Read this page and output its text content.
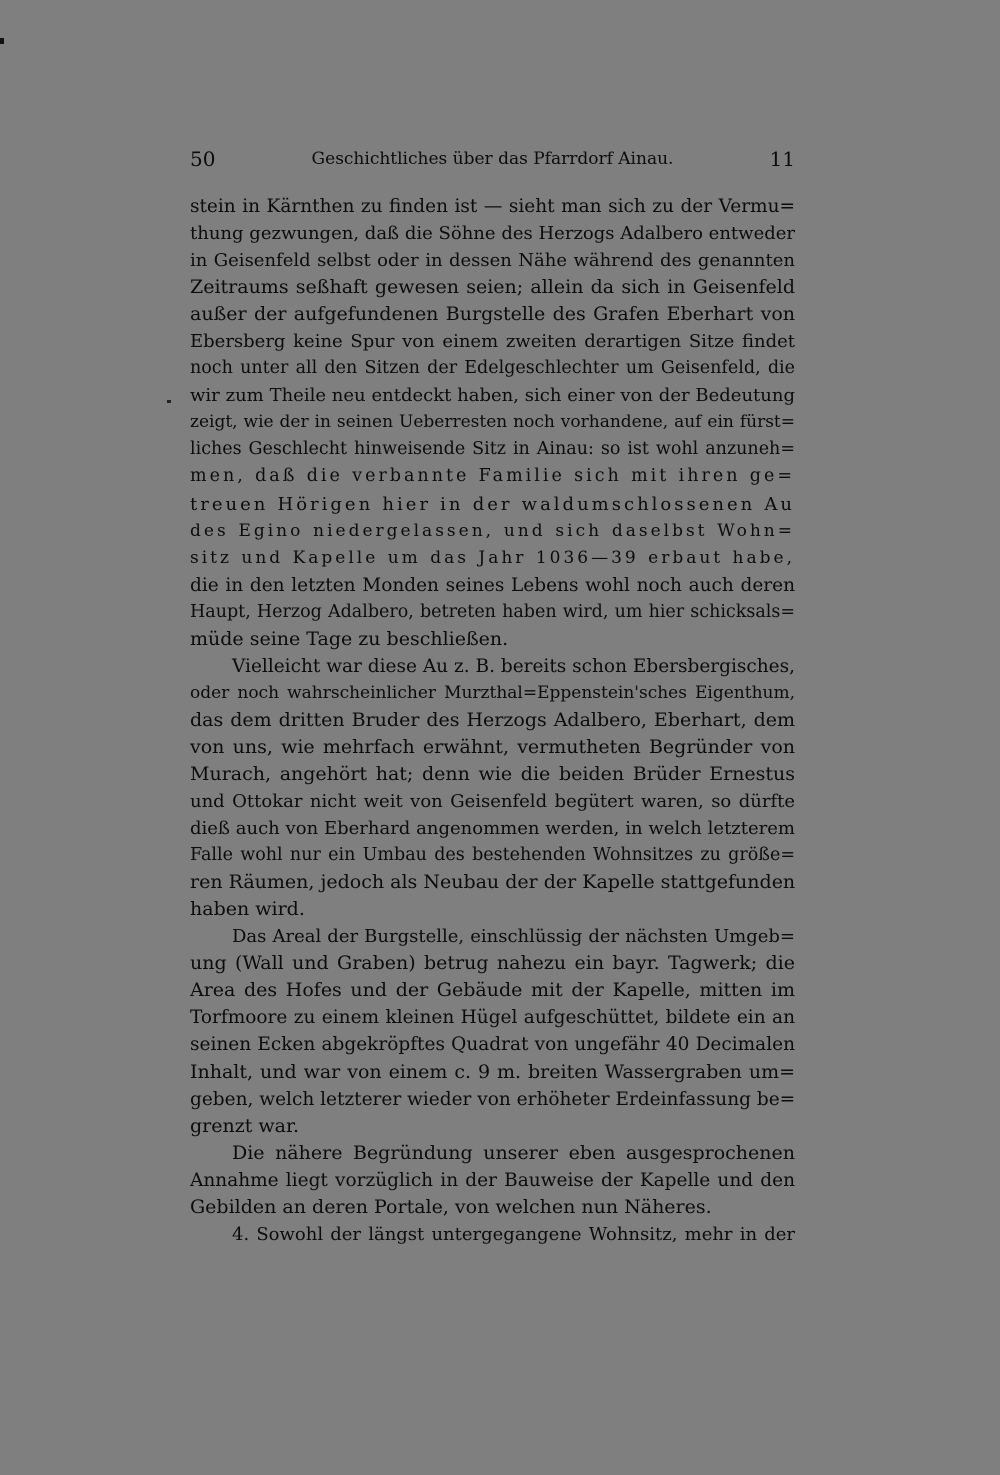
50	Geschichtliches über das Pfarrdorf Ainau.	11
stein in Kärnthen zu finden ist — sieht man sich zu der Vermu=
thung gezwungen, daß die Söhne des Herzogs Adalbero entweder
in Geisenfeld selbst oder in dessen Nähe während des genannten
Zeitraums seßhaft gewesen seien; allein da sich in Geisenfeld
außer der aufgefundenen Burgstelle des Grafen Eberhart von
Ebersberg keine Spur von einem zweiten derartigen Sitze findet
noch unter all den Sitzen der Edelgeschlechter um Geisenfeld, die
wir zum Theile neu entdeckt haben, sich einer von der Bedeutung
zeigt, wie der in seinen Ueberresten noch vorhandene, auf ein fürst=
liches Geschlecht hinweisende Sitz in Ainau: so ist wohl anzuneh=
men, daß die verbannte Familie sich mit ihren ge=
treuen Hörigen hier in der waldumschlossenen Au
des Egino niedergelassen, und sich daselbst Wohn=
sitz und Kapelle um das Jahr 1036—39 erbaut habe,
die in den letzten Monden seines Lebens wohl noch auch deren
Haupt, Herzog Adalbero, betreten haben wird, um hier schicksals=
müde seine Tage zu beschließen.
Vielleicht war diese Au z. B. bereits schon Ebersbergisches,
oder noch wahrscheinlicher Murzthal=Eppenstein'sches Eigenthum,
das dem dritten Bruder des Herzogs Adalbero, Eberhart, dem
von uns, wie mehrfach erwähnt, vermutheten Begründer von
Murach, angehört hat; denn wie die beiden Brüder Ernestus
und Ottokar nicht weit von Geisenfeld begütert waren, so dürfte
dieß auch von Eberhard angenommen werden, in welch letzterem
Falle wohl nur ein Umbau des bestehenden Wohnsitzes zu größe=
ren Räumen, jedoch als Neubau der der Kapelle stattgefunden
haben wird.
Das Areal der Burgstelle, einschlüssig der nächsten Umgeb=
ung (Wall und Graben) betrug nahezu ein bayr. Tagwerk; die
Area des Hofes und der Gebäude mit der Kapelle, mitten im
Torfmoore zu einem kleinen Hügel aufgeschüttet, bildete ein an
seinen Ecken abgekröpftes Quadrat von ungefähr 40 Decimalen
Inhalt, und war von einem c. 9 m. breiten Wassergraben um=
geben, welch letzterer wieder von erhöheter Erdeinfassung be=
grenzt war.
Die nähere Begründung unserer eben ausgesprochenen
Annahme liegt vorzüglich in der Bauweise der Kapelle und den
Gebilden an deren Portale, von welchen nun Näheres.
4. Sowohl der längst untergegangene Wohnsitz, mehr in der
